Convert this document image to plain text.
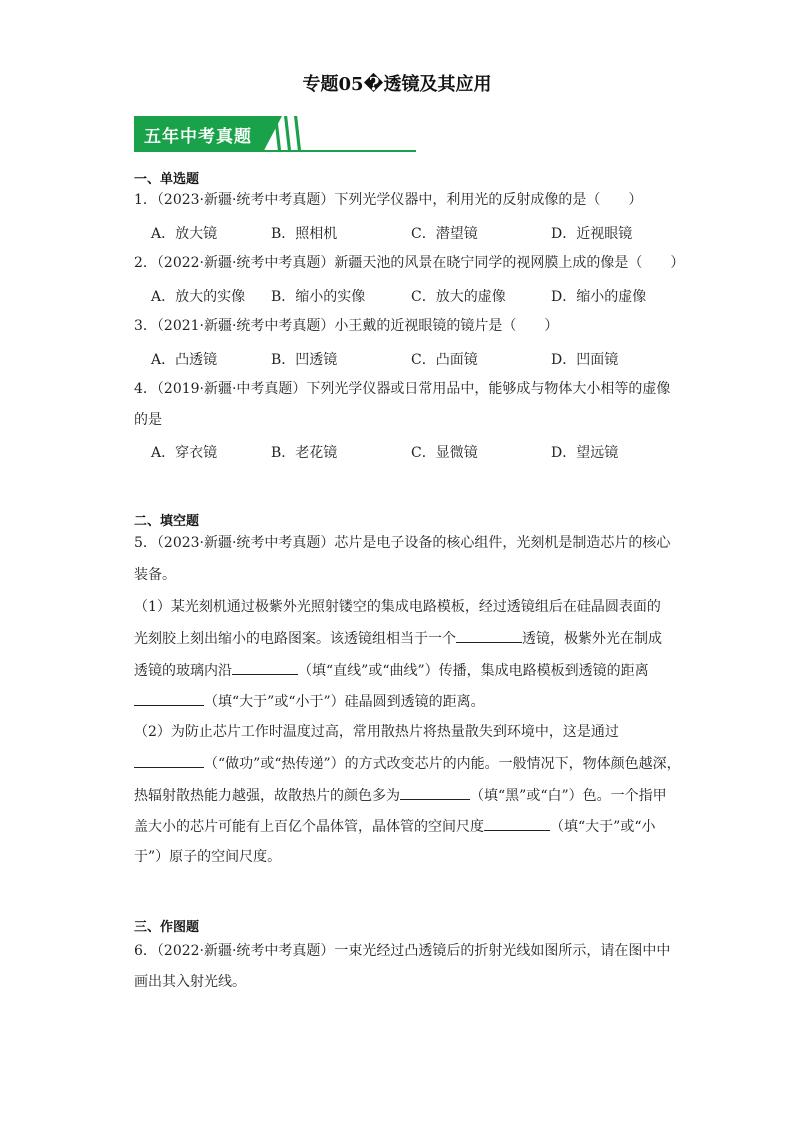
专题05�透镜及其应用
五年中考真题
一、单选题
1．（2023·新疆·统考中考真题）下列光学仪器中，利用光的反射成像的是（　　）
A．放大镜	B．照相机	C．潜望镜	D．近视眼镜
2．（2022·新疆·统考中考真题）新疆天池的风景在晓宁同学的视网膜上成的像是（　　）
A．放大的实像	B．缩小的实像	C．放大的虚像	D．缩小的虚像
3．（2021·新疆·统考中考真题）小王戴的近视眼镜的镜片是（　　）
A．凸透镜	B．凹透镜	C．凸面镜	D．凹面镜
4．（2019·新疆·中考真题）下列光学仪器或日常用品中，能够成与物体大小相等的虚像
的是
A．穿衣镜	B．老花镜	C．显微镜	D．望远镜
二、填空题
5．（2023·新疆·统考中考真题）芯片是电子设备的核心组件，光刻机是制造芯片的核心
装备。
（1）某光刻机通过极紫外光照射镂空的集成电路模板，经过透镜组后在硅晶圆表面的
光刻胶上刻出缩小的电路图案。该透镜组相当于一个	透镜，极紫外光在制成
透镜的玻璃内沿	（填“直线”或“曲线”）传播，集成电路模板到透镜的距离
（填“大于”或“小于”）硅晶圆到透镜的距离。
（2）为防止芯片工作时温度过高，常用散热片将热量散失到环境中，这是通过
（“做功”或“热传递”）的方式改变芯片的内能。一般情况下，物体颜色越深，
热辐射散热能力越强，故散热片的颜色多为	（填“黑”或“白”）色。一个指甲
盖大小的芯片可能有上百亿个晶体管，晶体管的空间尺度	（填“大于”或“小
于”）原子的空间尺度。
三、作图题
6．（2022·新疆·统考中考真题）一束光经过凸透镜后的折射光线如图所示，请在图中中
画出其入射光线。
